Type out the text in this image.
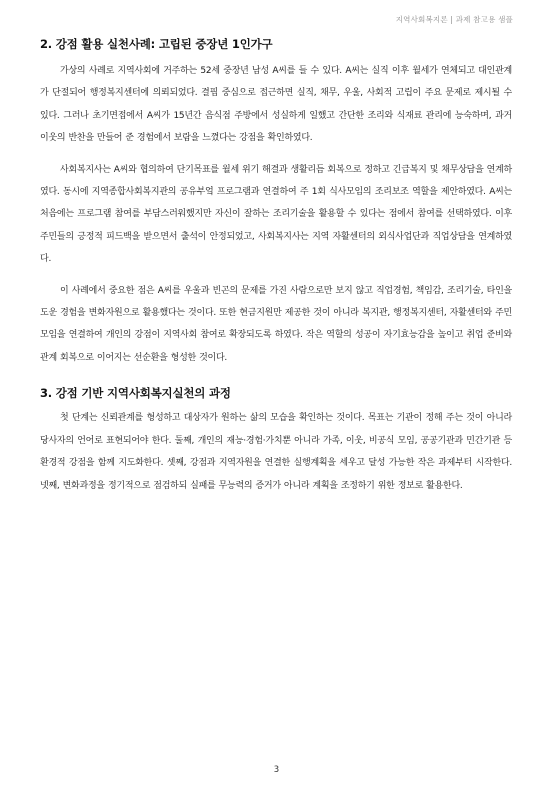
지역사회복지론 | 과제 참고용 샘플
2. 강점 활용 실천사례: 고립된 중장년 1인가구

가상의 사례로 지역사회에 거주하는 52세 중장년 남성 A씨를 들 수 있다. A씨는 실직 이후 월세가 연체되고 대인관계가 단절되어 행정복지센터에 의뢰되었다. 결핍 중심으로 접근하면 실직, 채무, 우울, 사회적 고립이 주요 문제로 제시될 수 있다. 그러나 초기면접에서 A씨가 15년간 음식점 주방에서 성실하게 일했고 간단한 조리와 식재료 관리에 능숙하며, 과거 이웃의 반찬을 만들어 준 경험에서 보람을 느꼈다는 강점을 확인하였다.

사회복지사는 A씨와 협의하여 단기목표를 월세 위기 해결과 생활리듬 회복으로 정하고 긴급복지 및 채무상담을 연계하였다. 동시에 지역종합사회복지관의 공유부엌 프로그램과 연결하여 주 1회 식사모임의 조리보조 역할을 제안하였다. A씨는 처음에는 프로그램 참여를 부담스러워했지만 자신이 잘하는 조리기술을 활용할 수 있다는 점에서 참여를 선택하였다. 이후 주민들의 긍정적 피드백을 받으면서 출석이 안정되었고, 사회복지사는 지역 자활센터의 외식사업단과 직업상담을 연계하였다.

이 사례에서 중요한 점은 A씨를 우울과 빈곤의 문제를 가진 사람으로만 보지 않고 직업경험, 책임감, 조리기술, 타인을 도운 경험을 변화자원으로 활용했다는 것이다. 또한 현금지원만 제공한 것이 아니라 복지관, 행정복지센터, 자활센터와 주민모임을 연결하여 개인의 강점이 지역사회 참여로 확장되도록 하였다. 작은 역할의 성공이 자기효능감을 높이고 취업 준비와 관계 회복으로 이어지는 선순환을 형성한 것이다.

3. 강점 기반 지역사회복지실천의 과정

첫 단계는 신뢰관계를 형성하고 대상자가 원하는 삶의 모습을 확인하는 것이다. 목표는 기관이 정해 주는 것이 아니라 당사자의 언어로 표현되어야 한다. 둘째, 개인의 재능·경험·가치뿐 아니라 가족, 이웃, 비공식 모임, 공공기관과 민간기관 등 환경적 강점을 함께 지도화한다. 셋째, 강점과 지역자원을 연결한 실행계획을 세우고 달성 가능한 작은 과제부터 시작한다. 넷째, 변화과정을 정기적으로 점검하되 실패를 무능력의 증거가 아니라 계획을 조정하기 위한 정보로 활용한다.

3
